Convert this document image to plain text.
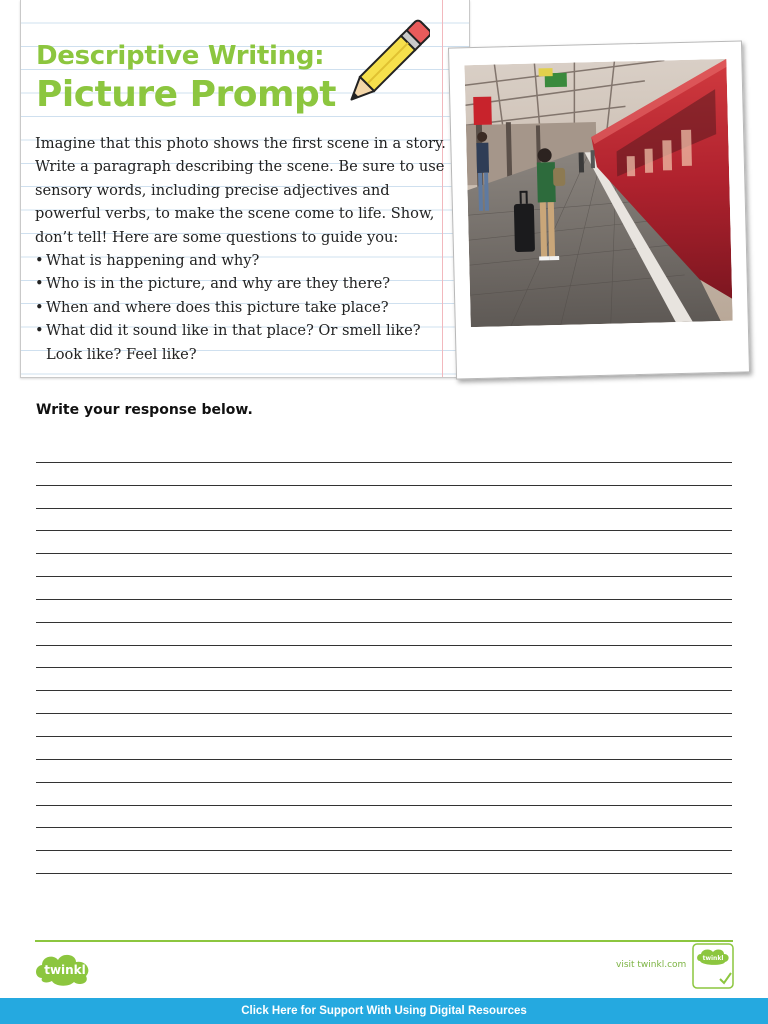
Descriptive Writing:
Picture Prompt

Imagine that this photo shows the first scene in a story. Write a paragraph describing the scene. Be sure to use sensory words, including precise adjectives and powerful verbs, to make the scene come to life. Show, don’t tell! Here are some questions to guide you:

• What is happening and why?
• Who is in the picture, and why are they there?
• When and where does this picture take place?
• What did it sound like in that place? Or smell like? Look like? Feel like?
Write your response below.
twinkl	visit twinkl.com
twinkl
Click Here for Support With Using Digital Resources
